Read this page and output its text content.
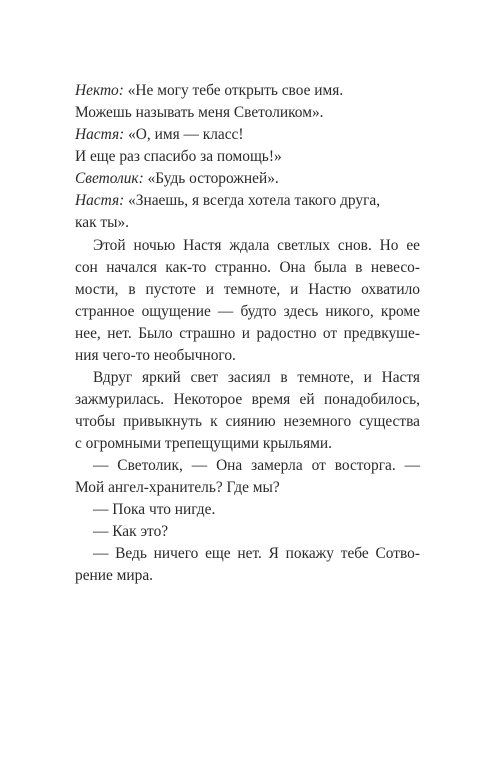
Некто: «Не могу тебе открыть свое имя.
Можешь называть меня Светоликом».
Настя: «О, имя — класс!
И еще раз спасибо за помощь!»
Светолик: «Будь осторожней».
Настя: «Знаешь, я всегда хотела такого друга,
как ты».
Этой ночью Настя ждала светлых снов. Но ее
сон начался как-то странно. Она была в невесо-
мости, в пустоте и темноте, и Настю охватило
странное ощущение — будто здесь никого, кроме
нее, нет. Было страшно и радостно от предвкуше-
ния чего-то необычного.
Вдруг яркий свет засиял в темноте, и Настя
зажмурилась. Некоторое время ей понадобилось,
чтобы привыкнуть к сиянию неземного существа
с огромными трепещущими крыльями.
— Светолик, — Она замерла от восторга. —
Мой ангел-хранитель? Где мы?
— Пока что нигде.
— Как это?
— Ведь ничего еще нет. Я покажу тебе Сотво-
рение мира.
